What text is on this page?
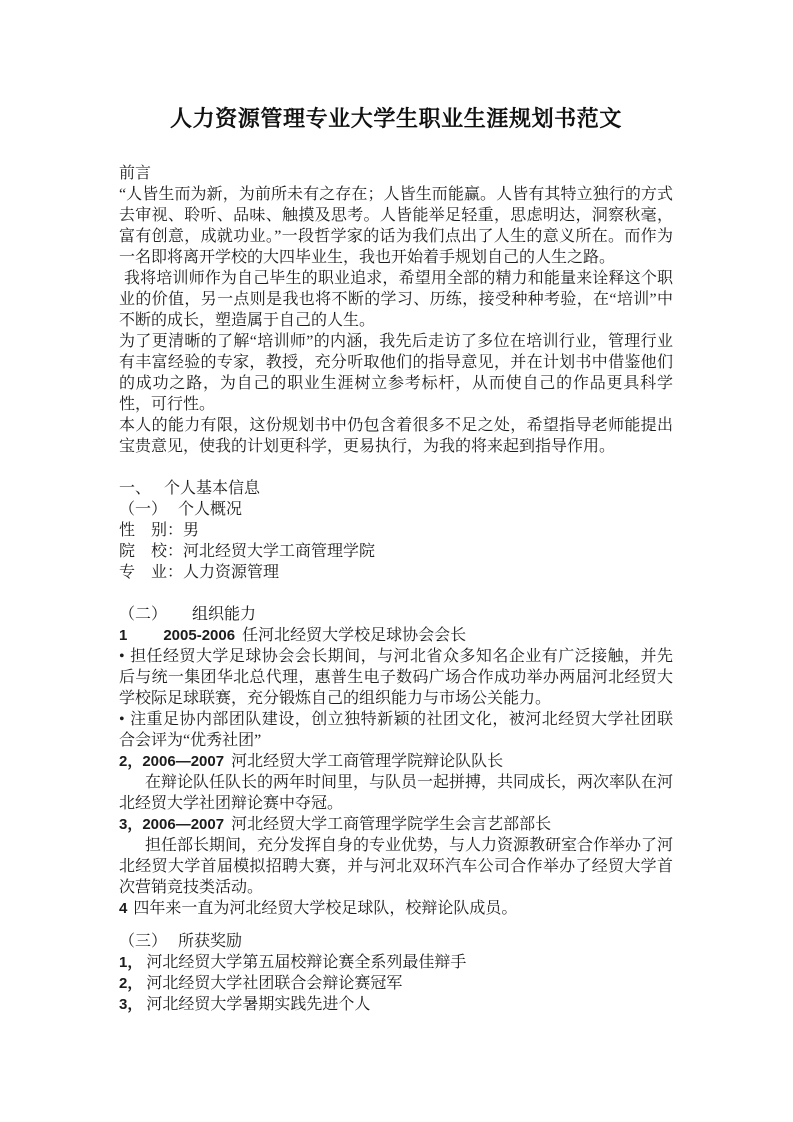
人力资源管理专业大学生职业生涯规划书范文

前言

“人皆生而为新，为前所未有之存在；人皆生而能赢。人皆有其特立独行的方式去审视、聆听、品味、触摸及思考。人皆能举足轻重，思虑明达，洞察秋毫，富有创意，成就功业。”一段哲学家的话为我们点出了人生的意义所在。而作为一名即将离开学校的大四毕业生，我也开始着手规划自己的人生之路。

我将培训师作为自己毕生的职业追求，希望用全部的精力和能量来诠释这个职业的价值，另一点则是我也将不断的学习、历练，接受种种考验，在“培训”中不断的成长，塑造属于自己的人生。

为了更清晰的了解“培训师”的内涵，我先后走访了多位在培训行业，管理行业有丰富经验的专家，教授，充分听取他们的指导意见，并在计划书中借鉴他们的成功之路，为自己的职业生涯树立参考标杆，从而使自己的作品更具科学性，可行性。

本人的能力有限，这份规划书中仍包含着很多不足之处，希望指导老师能提出宝贵意见，使我的计划更科学，更易执行，为我的将来起到指导作用。

一、 个人基本信息

（一） 个人概况

性　别：男

院　校：河北经贸大学工商管理学院

专　业：人力资源管理

（二） 组织能力

1 2005-2006 任河北经贸大学校足球协会会长

• 担任经贸大学足球协会会长期间，与河北省众多知名企业有广泛接触，并先后与统一集团华北总代理，惠普生电子数码广场合作成功举办两届河北经贸大学校际足球联赛，充分锻炼自己的组织能力与市场公关能力。

• 注重足协内部团队建设，创立独特新颖的社团文化，被河北经贸大学社团联合会评为“优秀社团”

2，2006—2007 河北经贸大学工商管理学院辩论队队长

在辩论队任队长的两年时间里，与队员一起拼搏，共同成长，两次率队在河北经贸大学社团辩论赛中夺冠。

3，2006—2007 河北经贸大学工商管理学院学生会言艺部部长

担任部长期间，充分发挥自身的专业优势，与人力资源教研室合作举办了河北经贸大学首届模拟招聘大赛，并与河北双环汽车公司合作举办了经贸大学首次营销竞技类活动。

4 四年来一直为河北经贸大学校足球队，校辩论队成员。

（三） 所获奖励

1， 河北经贸大学第五届校辩论赛全系列最佳辩手

2， 河北经贸大学社团联合会辩论赛冠军

3， 河北经贸大学暑期实践先进个人
